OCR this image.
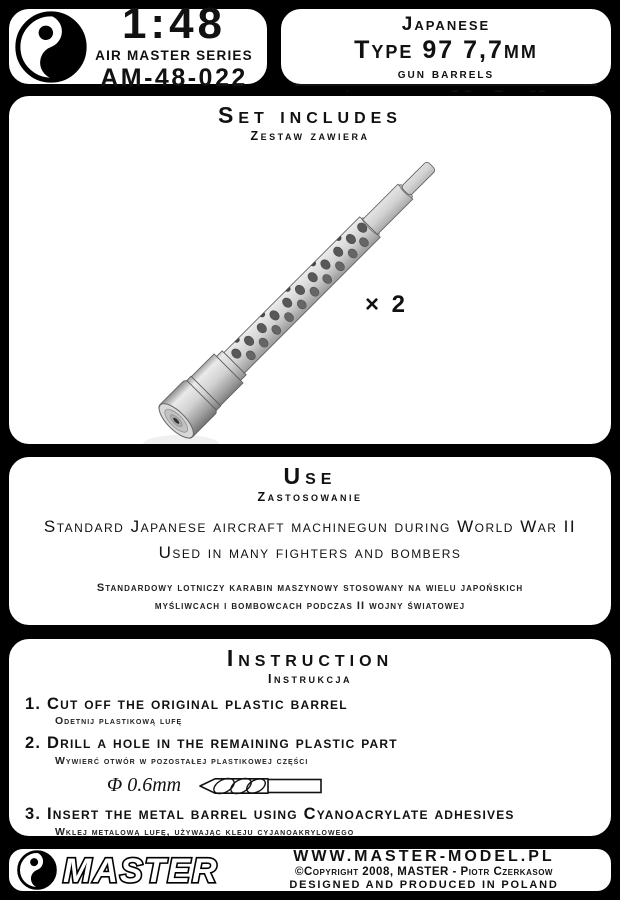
1:48
AIR MASTER SERIES
AM-48-022
Japanese
Type 97 7,7mm
gun barrels
Set includes
Zestaw zawiera
× 2
Use
Zastosowanie
Standard Japanese aircraft machinegun during World War II
Used in many fighters and bombers
Standardowy lotniczy karabin maszynowy stosowany na wielu japońskich
myśliwcach i bombowcach podczas II wojny światowej
Instruction
Instrukcja
1. Cut off the original plastic barrel
Odetnij plastikową lufę
2. Drill a hole in the remaining plastic part
Wywierć otwór w pozostałej plastikowej części
Φ 0.6mm
3. Insert the metal barrel using Cyanoacrylate adhesives
Wklej metalową lufę, używając kleju cyjanoakrylowego
MASTER	WWW.MASTER-MODEL.PL
©Copyright 2008, MASTER - Piotr Czerkasow
DESIGNED AND PRODUCED IN POLAND
